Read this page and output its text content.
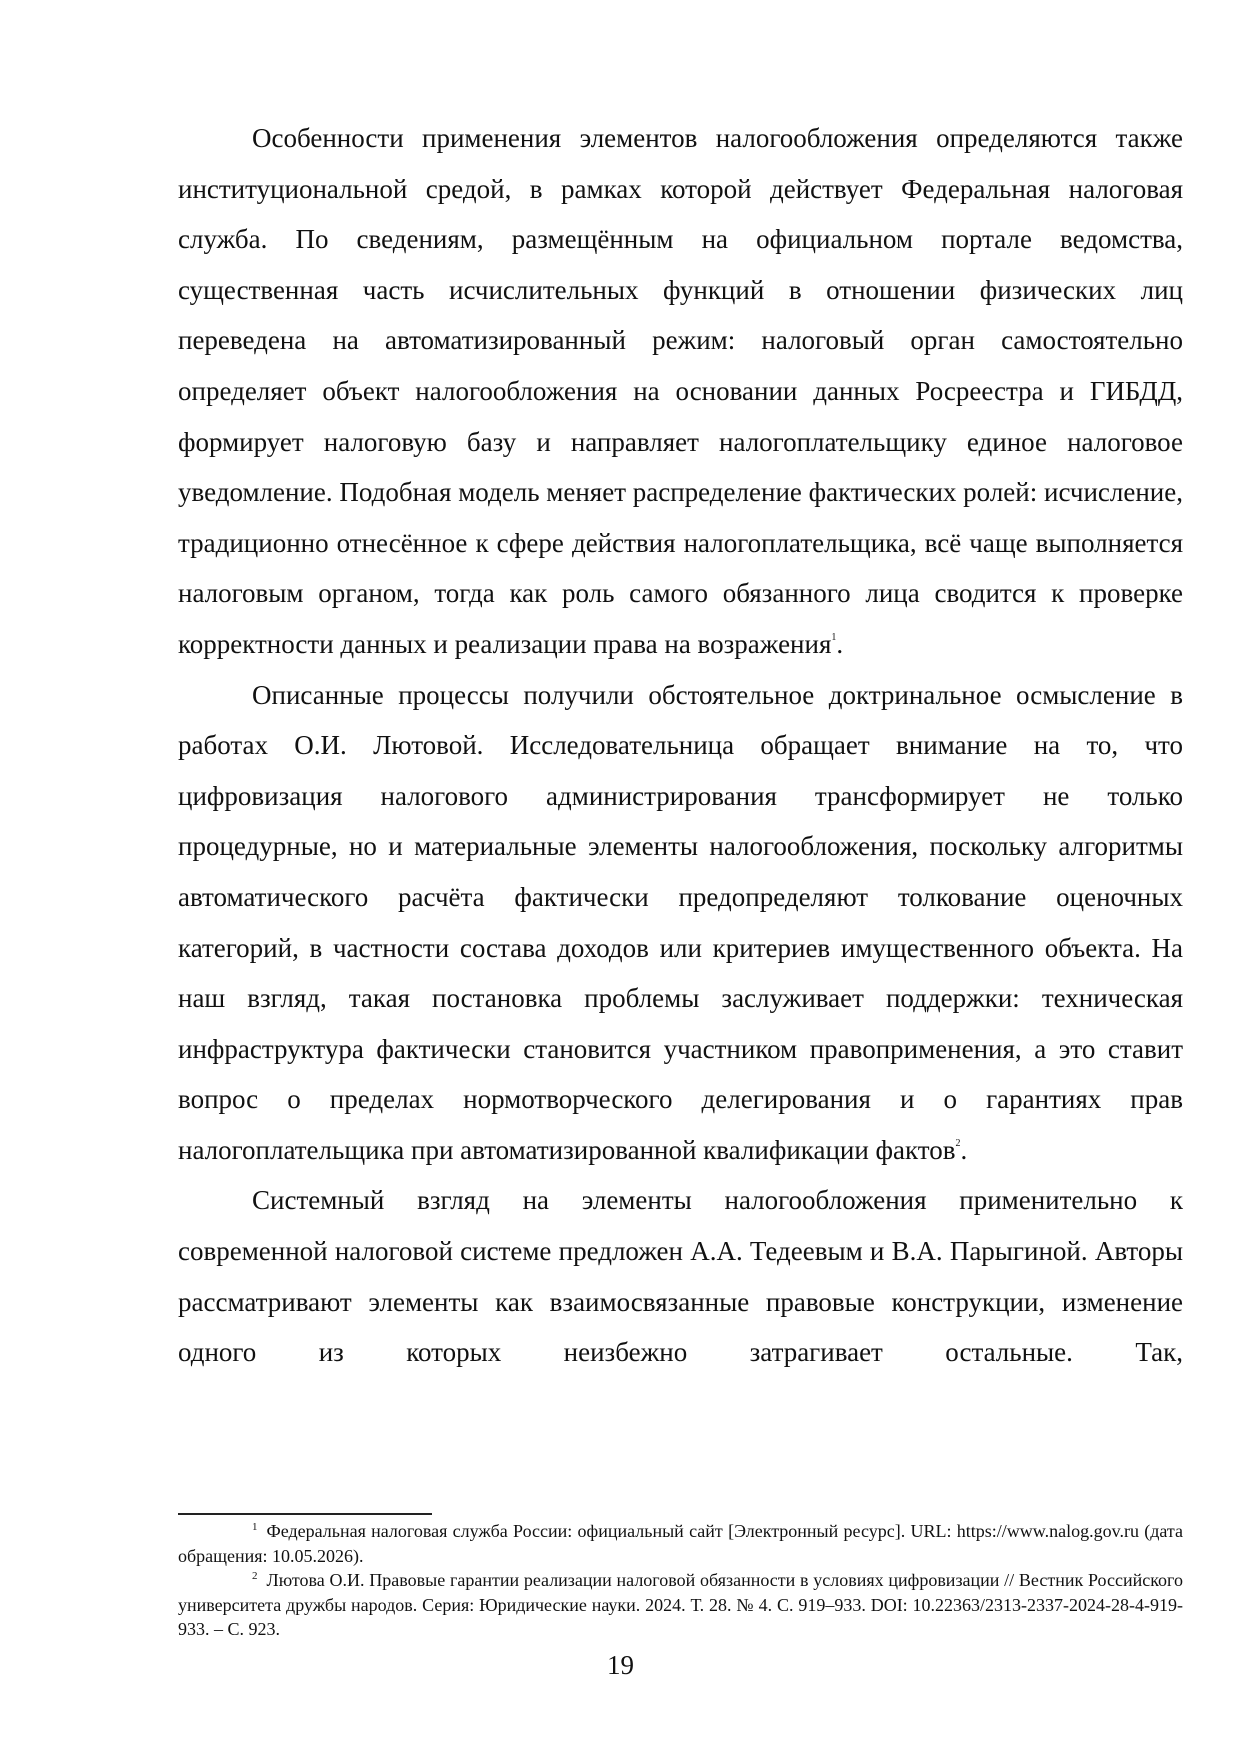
Особенности применения элементов налогообложения определяются также институциональной средой, в рамках которой действует Федеральная налоговая служба. По сведениям, размещённым на официальном портале ведомства, существенная часть исчислительных функций в отношении физических лиц переведена на автоматизированный режим: налоговый орган самостоятельно определяет объект налогообложения на основании данных Росреестра и ГИБДД, формирует налоговую базу и направляет налогоплательщику единое налоговое уведомление. Подобная модель меняет распределение фактических ролей: исчисление, традиционно отнесённое к сфере действия налогоплательщика, всё чаще выполняется налоговым органом, тогда как роль самого обязанного лица сводится к проверке корректности данных и реализации права на возражения$^1$.

Описанные процессы получили обстоятельное доктринальное осмысление в работах О.И. Лютовой. Исследовательница обращает внимание на то, что цифровизация налогового администрирования трансформирует не только процедурные, но и материальные элементы налогообложения, поскольку алгоритмы автоматического расчёта фактически предопределяют толкование оценочных категорий, в частности состава доходов или критериев имущественного объекта. На наш взгляд, такая постановка проблемы заслуживает поддержки: техническая инфраструктура фактически становится участником правоприменения, а это ставит вопрос о пределах нормотворческого делегирования и о гарантиях прав налогоплательщика при автоматизированной квалификации фактов$^2$.

Системный взгляд на элементы налогообложения применительно к современной налоговой системе предложен А.А. Тедеевым и В.А. Парыгиной. Авторы рассматривают элементы как взаимосвязанные правовые конструкции, изменение одного из которых неизбежно затрагивает остальные. Так,

$^1$ Федеральная налоговая служба России: официальный сайт [Электронный ресурс]. URL: https://www.nalog.gov.ru (дата обращения: 10.05.2026).

$^2$ Лютова О.И. Правовые гарантии реализации налоговой обязанности в условиях цифровизации // Вестник Российского университета дружбы народов. Серия: Юридические науки. 2024. Т. 28. № 4. С. 919–933. DOI: 10.22363/2313-2337-2024-28-4-919-933. – С. 923.

19
